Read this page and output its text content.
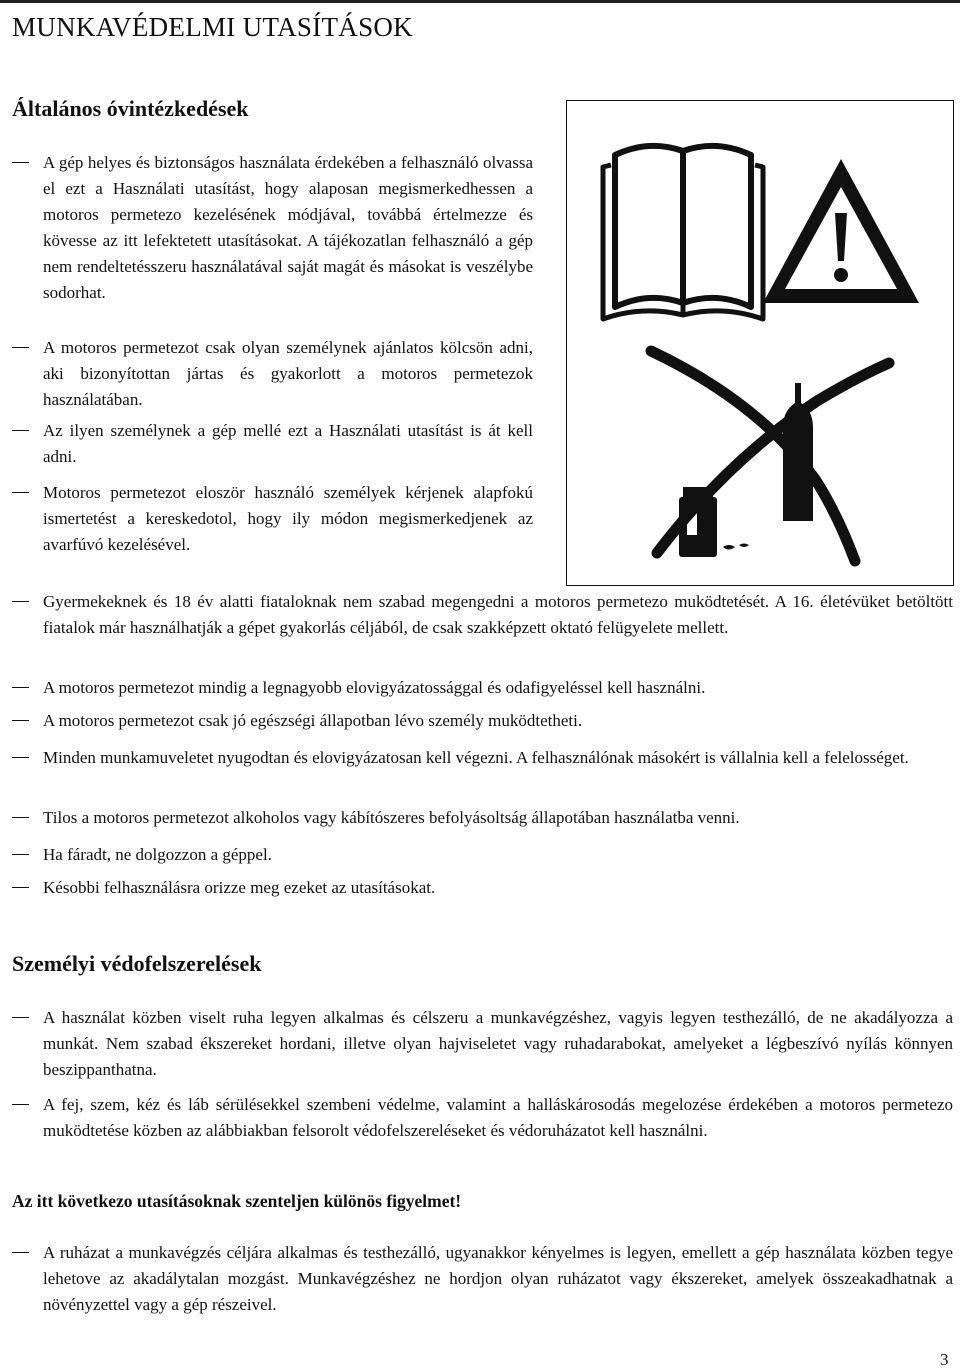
MUNKAVÉDELMI UTASÍTÁSOK
Általános óvintézkedések
A gép helyes és biztonságos használata érdekében a felhasználó olvassa el ezt a Használati utasítást, hogy alaposan megismerkedhessen a motoros permetezo kezelésének módjával, továbbá értelmezze és kövesse az itt lefektetett utasításokat. A tájékozatlan felhasználó a gép nem rendeltetésszeru használatával saját magát és másokat is veszélybe sodorhat.
A motoros permetezot csak olyan személynek ajánlatos kölcsön adni, aki bizonyítottan jártas és gyakorlott a motoros permetezok használatában.
Az ilyen személynek a gép mellé ezt a Használati utasítást is át kell adni.
Motoros permetezot eloször használó személyek kérjenek alapfokú ismertetést a kereskedotol, hogy ily módon megismerkedjenek az avarfúvó kezelésével.
Gyermekeknek és 18 év alatti fiataloknak nem szabad megengedni a motoros permetezo muködtetését. A 16. életévüket betöltött fiatalok már használhatják a gépet gyakorlás céljából, de csak szakképzett oktató felügyelete mellett.
A motoros permetezot mindig a legnagyobb elovigyázatossággal és odafigyeléssel kell használni.
A motoros permetezot csak jó egészségi állapotban lévo személy muködtetheti.
Minden munkamuveletet nyugodtan és elovigyázatosan kell végezni. A felhasználónak másokért is vállalnia kell a felelosséget.
Tilos a motoros permetezot alkoholos vagy kábítószeres befolyásoltság állapotában használatba venni.
Ha fáradt, ne dolgozzon a géppel.
Késobbi felhasználásra orizze meg ezeket az utasításokat.
Személyi védofelszerelések
A használat közben viselt ruha legyen alkalmas és célszeru a munkavégzéshez, vagyis legyen testhezálló, de ne akadályozza a munkát. Nem szabad ékszereket hordani, illetve olyan hajviseletet vagy ruhadarabokat, amelyeket a légbeszívó nyílás könnyen beszippanthatna.
A fej, szem, kéz és láb sérülésekkel szembeni védelme, valamint a halláskárosodás megelozése érdekében a motoros permetezo muködtetése közben az alábbiakban felsorolt védofelszereléseket és védoruházatot kell használni.
Az itt következo utasításoknak szenteljen különös figyelmet!
A ruházat a munkavégzés céljára alkalmas és testhezálló, ugyanakkor kényelmes is legyen, emellett a gép használata közben tegye lehetove az akadálytalan mozgást. Munkavégzéshez ne hordjon olyan ruházatot vagy ékszereket, amelyek összeakadhatnak a növényzettel vagy a gép részeivel.
3
